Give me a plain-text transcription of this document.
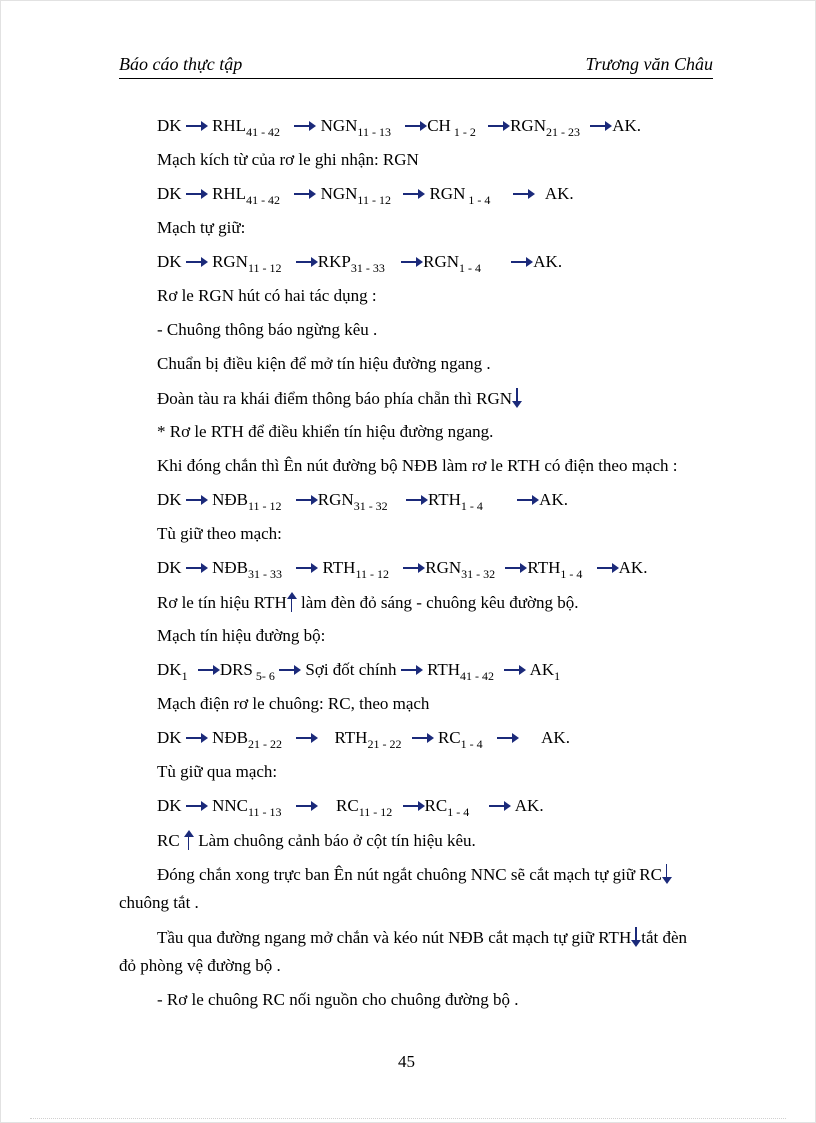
Báo cáo thực tập	Trương văn Châu
DK $RHL_{41 - 42}$ $NGN_{11 - 13}$ CH $_{1 - 2}$ $RGN_{21 - 23}$ AK.
Mạch kích từ của rơ le ghi nhận: RGN
DK $RHL_{41 - 42}$ $NGN_{11 - 12}$ RGN $_{1 - 4}$	AK.
Mạch tự giữ:
DK $RGN_{11 - 12}$ $RKP_{31 - 33}$ $RGN_{1 - 4}$	AK.
Rơ le RGN hút có hai tác dụng :
- Chuông thông báo ngừng kêu .
Chuẩn bị điều kiện để mở tín hiệu đường ngang .
Đoàn tàu ra khái điểm thông báo phía chẵn thì RGN
* Rơ le RTH để điều khiển tín hiệu đường ngang.
Khi đóng chắn thì Ên nút đường bộ NĐB làm rơ le RTH có điện theo mạch :
DK $NĐB_{11 - 12}$ $RGN_{31 - 32}$ $RTH_{1 - 4}$	AK.
Tù giữ theo mạch:
DK $NĐB_{31 - 33}$ $RTH_{11 - 12}$ $RGN_{31 - 32}$ $RTH_{1 - 4}$ AK.
Rơ le tín hiệu RTH làm đèn đỏ sáng - chuông kêu đường bộ.
Mạch tín hiệu đường bộ:
$DK_1$ DRS $_{5- 6}$ Sợi đốt chính $RTH_{41 - 42}$ $AK_1$
Mạch điện rơ le chuông: RC, theo mạch
DK $NĐB_{21 - 22}$	$RTH_{21 - 22}$ $RC_{1 - 4}$	AK.
Tù giữ qua mạch:
DK $NNC_{11 - 13}$	$RC_{11 - 12}$ $RC_{1 - 4}$	AK.
RC Làm chuông cảnh báo ở cột tín hiệu kêu.
Đóng chắn xong trực ban Ên nút ngắt chuông NNC sẽ cắt mạch tự giữ RC
chuông tắt .
Tầu qua đường ngang mở chắn và kéo nút NĐB cắt mạch tự giữ RTH tắt đèn
đỏ phòng vệ đường bộ .
- Rơ le chuông RC nối nguồn cho chuông đường bộ .
45
